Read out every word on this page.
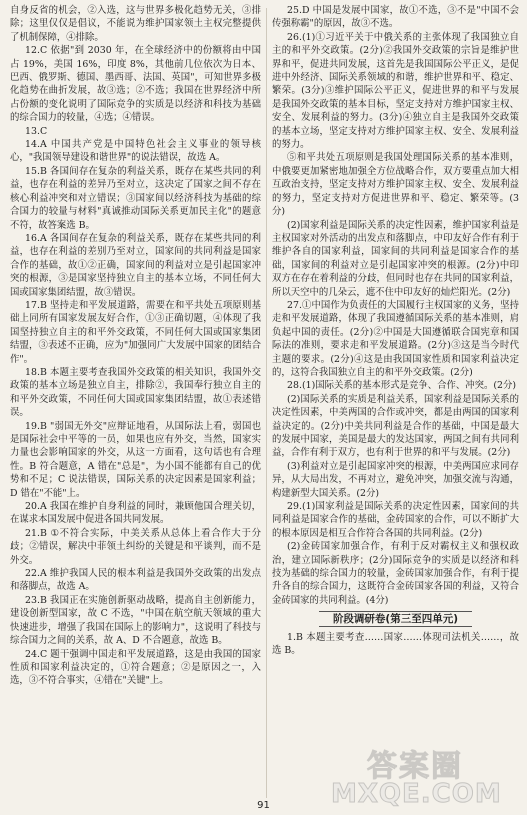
自身反省的机会，②入选，这与世界多极化趋势无关，③排除；这里仅仅是倡议，不能说为维护国家领土主权完整提供了机制保障，④排除。

12.C 依据"到 2030 年，在全球经济中的份额将由中国占 19%，美国 16%，印度 8%，其他前几位依次为日本、巴西、俄罗斯、德国、墨西哥、法国、英国"，可知世界多极化趋势在曲折发展，故③选；②不选；我国在世界经济中所占份额的变化说明了国际竞争的实质是以经济和科技为基础的综合国力的较量，④选；④错误。

13.C

14.A 中国共产党是中国特色社会主义事业的领导核心，"我国领导建设和谐世界"的说法错误，故选 A。

15.B 各国间存在复杂的利益关系，既存在某些共同的利益，也存在利益的差异乃至对立，这决定了国家之间不存在核心利益冲突和对立错误；③国家间以经济科技为基础的综合国力的较量与材料"真诚推动国际关系更加民主化"的题意不符，故答案选 B。

16.A 各国间存在复杂的利益关系，既存在某些共同的利益，也存在利益的差别乃至对立，国家间的共同利益是国家合作的基础，故①②正确，国家间的利益对立是引起国家冲突的根源，③是国家坚持独立自主的基本立场，不同任何大国或国家集团结盟，故③错误。

17.B 坚持走和平发展道路，需要在和平共处五项原则基础上同所有国家发展友好合作，①③正确切题，④体现了我国坚持独立自主的和平外交政策，不同任何大国或国家集团结盟，③表述不正确，应为"加强同广大发展中国家的团结合作"。

18.B 本题主要考查我国外交政策的相关知识，我国外交政策的基本立场是独立自主，排除②，我国奉行独立自主的和平外交政策，不同任何大国或国家集团结盟，故①表述错误。

19.B "弱国无外交"应辩证地看，从国际法上看，弱国也是国际社会中平等的一员，如果也应有外交，当然，国家实力量也会影响国家的外交，从这一方面看，这句话也有合理性。B 符合题意，A 错在"总是"，为小国不能都有自己的优势和不足；C 说法错误，国际关系的决定因素是国家利益；D 错在"不能"上。

20.A 我国在维护自身利益的同时，兼顾他国合理关切，在谋求本国发展中促进各国共同发展。

21.B ①不符合实际，中美关系从总体上看合作大于分歧；②错误，解决中菲领土纠纷的关键是和平谈判，而不是外交。

22.A 维护我国人民的根本利益是我国外交政策的出发点和落脚点，故选 A。

23.B 我国正在实施创新驱动战略，提高自主创新能力，建设创新型国家，故 C 不选，"中国在航空航天领域的重大快速进步，增强了我国在国际上的影响力"，这说明了科技与综合国力之间的关系，故 A、D 不合题意，故选 B。

24.C 题干强调中国走和平发展道路，这是由我国的国家性质和国家利益决定的，①符合题意；②是原因之一，入选，③不符合事实，④错在"关键"上。

25.D 中国是发展中国家，故①不选，③不是"中国不会传强称霸"的原因，故③不选。

26.(1)①习近平关于中俄关系的主张体现了我国独立自主的和平外交政策。(2分)②我国外交政策的宗旨是维护世界和平，促进共同发展，这首先是我国国际公平正义，是促进中外经济、国际关系领域的和谐，维护世界和平、稳定、繁荣。(3分)③维护国际公平正义，促进世界的和平与发展是我国外交政策的基本目标，坚定支持对方维护国家主权、安全、发展利益的努力。(3分)④独立自主是我国外交政策的基本立场，坚定支持对方维护国家主权、安全、发展利益的努力。

⑤和平共处五项原则是我国处理国际关系的基本准则，中俄要更加紧密地加强全方位战略合作，双方要重点加大相互政治支持，坚定支持对方维护国家主权、安全、发展利益的努力，坚定支持对方促进世界和平、稳定、繁荣等。(3分)

(2)国家利益是国际关系的决定性因素，维护国家利益是主权国家对外活动的出发点和落脚点，中印友好合作有利于维护各自的国家利益，国家间的共同利益是国家合作的基础，国家间的利益对立是引起国家冲突的根源。(2分)中印双方在存在着利益的分歧，但同时也存在共同的国家利益，所以天空中的几朵云，遮不住中印友好的灿烂阳光。(2分)

27.①中国作为负责任的大国履行主权国家的义务，坚持走和平发展道路，体现了我国遵循国际关系的基本准则，肩负起中国的责任。(2分)②中国是大国遵循联合国宪章和国际法的准则，要求走和平发展道路。(2分)③这是当今时代主题的要求。(2分)④这是由我国国家性质和国家利益决定的，这符合我国独立自主的和平外交政策。(2分)

28.(1)国际关系的基本形式是竞争、合作、冲突。(2分)

(2)国际关系的实质是利益关系，国家利益是国际关系的决定性因素，中美两国的合作或冲突，都是由两国的国家利益决定的。(2分)中美共同利益是合作的基础，中国是最大的发展中国家，美国是最大的发达国家，两国之间有共同利益，合作有利于双方，也有利于世界的和平与发展。(2分)

(3)利益对立是引起国家冲突的根源，中美两国应求同存异，从大局出发，不再对立，避免冲突，加强交流与沟通，构建新型大国关系。(2分)

29.(1)国家利益是国际关系的决定性因素，国家间的共同利益是国家合作的基础，金砖国家的合作，可以不断扩大的根本原因是相互合作符合各国的共同利益。(2分)

(2)金砖国家加强合作，有利于反对霸权主义和强权政治，建立国际新秩序；(2分)国际竞争的实质是以经济和科技为基础的综合国力的较量，金砖国家加强合作，有利于提升各自的综合国力，这既符合金砖国家各国的利益，又符合金砖国家的共同利益。(4分)

阶段调研卷(第三至四单元)

1.B 本题主要考查……国家……体现司法机关……，故选 B。

91
答案圈
MXQE.COM
